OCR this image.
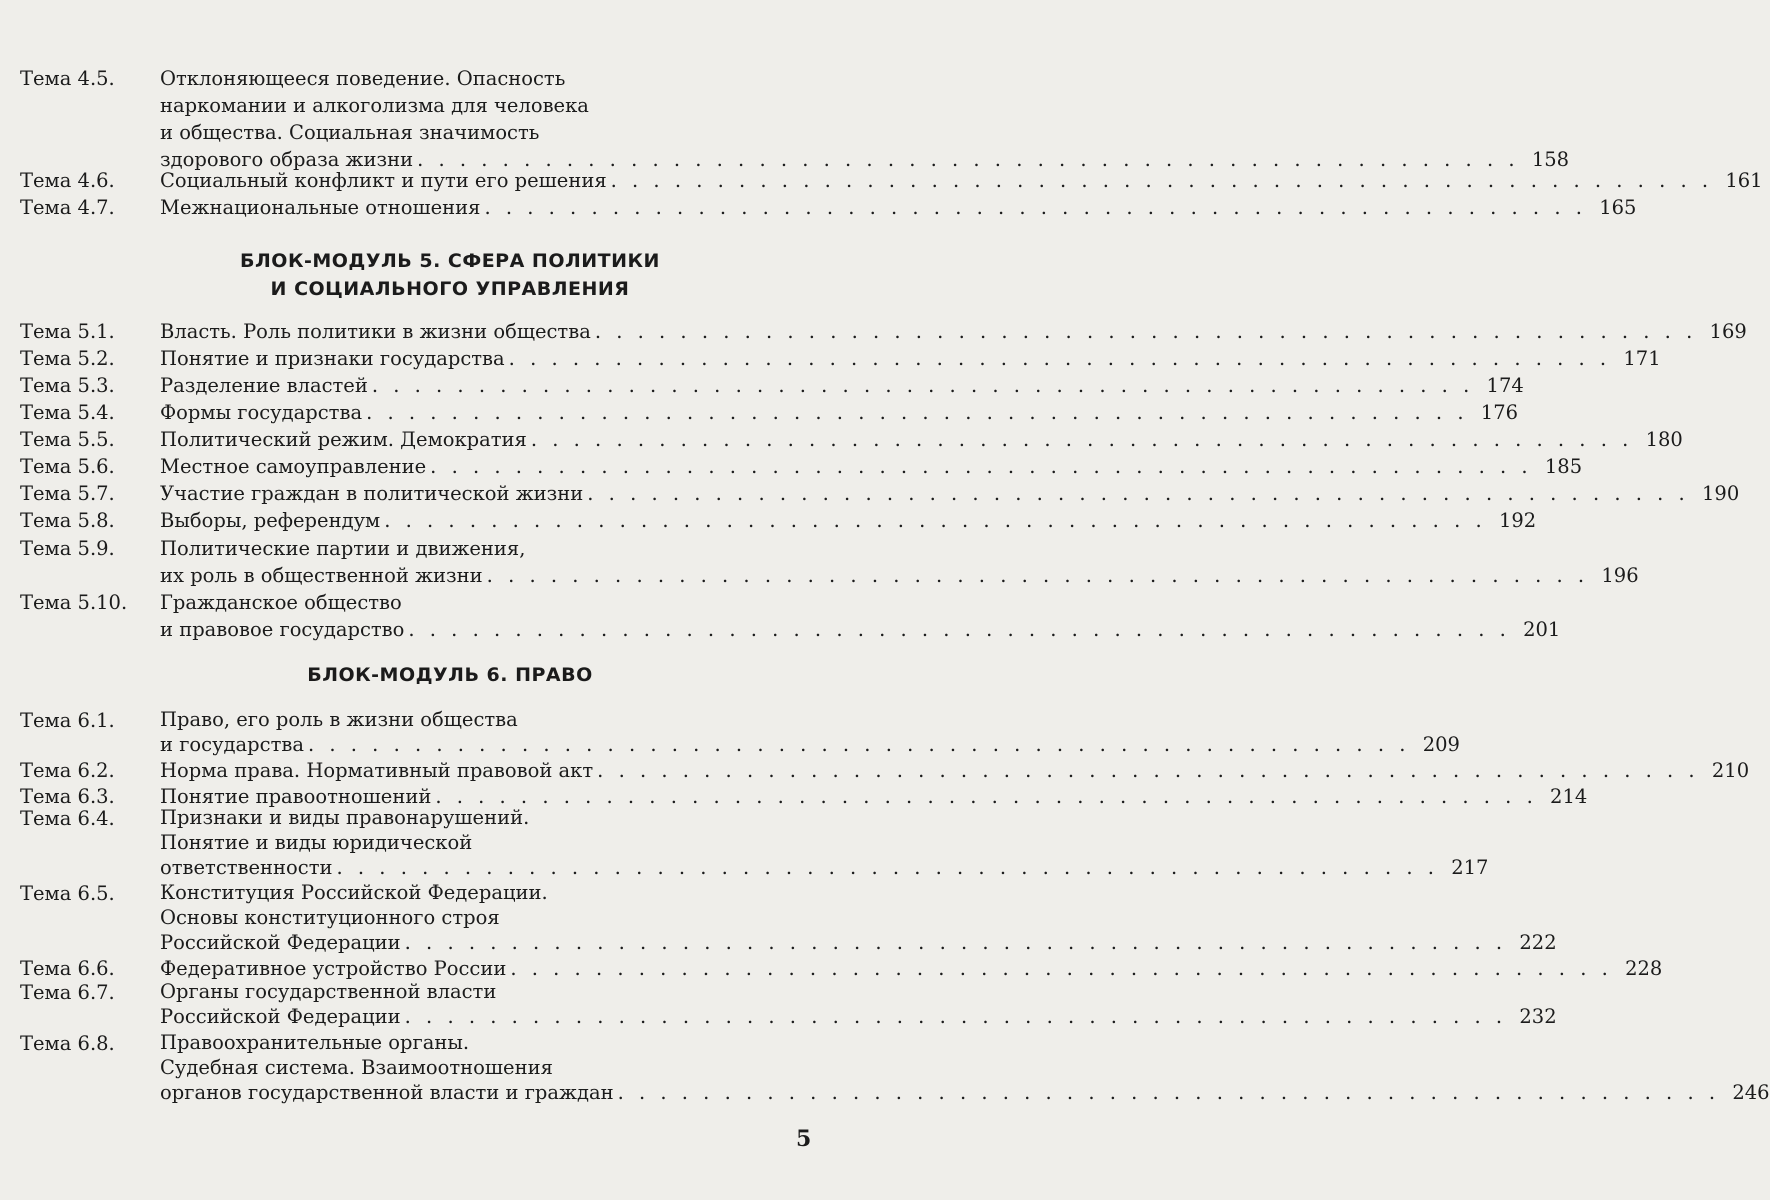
Тема 4.5. Отклоняющееся поведение. Опасность
наркомании и алкоголизма для человека
и общества. Социальная значимость
здорового образа жизни . . . . . . . . . . . . . . . . . . . . . . . . . . . . . . . . . . . . . . . . . . . . . . . . . . . . 158
Тема 4.6. Социальный конфликт и пути его решения . . . . . . . . . . . . . . . . . . . . . . . . . . . . . . . . . . . . . . . . . . . . . . . . . . . . 161
Тема 4.7. Межнациональные отношения . . . . . . . . . . . . . . . . . . . . . . . . . . . . . . . . . . . . . . . . . . . . . . . . . . . . 165
БЛОК-МОДУЛЬ 5. СФЕРА ПОЛИТИКИ
И СОЦИАЛЬНОГО УПРАВЛЕНИЯ
Тема 5.1. Власть. Роль политики в жизни общества . . . . . . . . . . . . . . . . . . . . . . . . . . . . . . . . . . . . . . . . . . . . . . . . . . . . 169
Тема 5.2. Понятие и признаки государства . . . . . . . . . . . . . . . . . . . . . . . . . . . . . . . . . . . . . . . . . . . . . . . . . . . . 171
Тема 5.3. Разделение властей . . . . . . . . . . . . . . . . . . . . . . . . . . . . . . . . . . . . . . . . . . . . . . . . . . . . 174
Тема 5.4. Формы государства . . . . . . . . . . . . . . . . . . . . . . . . . . . . . . . . . . . . . . . . . . . . . . . . . . . . 176
Тема 5.5. Политический режим. Демократия . . . . . . . . . . . . . . . . . . . . . . . . . . . . . . . . . . . . . . . . . . . . . . . . . . . . 180
Тема 5.6. Местное самоуправление . . . . . . . . . . . . . . . . . . . . . . . . . . . . . . . . . . . . . . . . . . . . . . . . . . . . 185
Тема 5.7. Участие граждан в политической жизни . . . . . . . . . . . . . . . . . . . . . . . . . . . . . . . . . . . . . . . . . . . . . . . . . . . . 190
Тема 5.8. Выборы, референдум . . . . . . . . . . . . . . . . . . . . . . . . . . . . . . . . . . . . . . . . . . . . . . . . . . . . 192
Тема 5.9. Политические партии и движения,
их роль в общественной жизни . . . . . . . . . . . . . . . . . . . . . . . . . . . . . . . . . . . . . . . . . . . . . . . . . . . . 196
Тема 5.10. Гражданское общество
и правовое государство . . . . . . . . . . . . . . . . . . . . . . . . . . . . . . . . . . . . . . . . . . . . . . . . . . . . 201
БЛОК-МОДУЛЬ 6. ПРАВО
Тема 6.1. Право, его роль в жизни общества
и государства . . . . . . . . . . . . . . . . . . . . . . . . . . . . . . . . . . . . . . . . . . . . . . . . . . . . 209
Тема 6.2. Норма права. Нормативный правовой акт . . . . . . . . . . . . . . . . . . . . . . . . . . . . . . . . . . . . . . . . . . . . . . . . . . . . 210
Тема 6.3. Понятие правоотношений . . . . . . . . . . . . . . . . . . . . . . . . . . . . . . . . . . . . . . . . . . . . . . . . . . . . 214
Тема 6.4. Признаки и виды правонарушений.
Понятие и виды юридической
ответственности . . . . . . . . . . . . . . . . . . . . . . . . . . . . . . . . . . . . . . . . . . . . . . . . . . . . 217
Тема 6.5. Конституция Российской Федерации.
Основы конституционного строя
Российской Федерации . . . . . . . . . . . . . . . . . . . . . . . . . . . . . . . . . . . . . . . . . . . . . . . . . . . . 222
Тема 6.6. Федеративное устройство России . . . . . . . . . . . . . . . . . . . . . . . . . . . . . . . . . . . . . . . . . . . . . . . . . . . . 228
Тема 6.7. Органы государственной власти
Российской Федерации . . . . . . . . . . . . . . . . . . . . . . . . . . . . . . . . . . . . . . . . . . . . . . . . . . . . 232
Тема 6.8. Правоохранительные органы.
Судебная система. Взаимоотношения
органов государственной власти и граждан . . . . . . . . . . . . . . . . . . . . . . . . . . . . . . . . . . . . . . . . . . . . . . . . . . . . 246
5
